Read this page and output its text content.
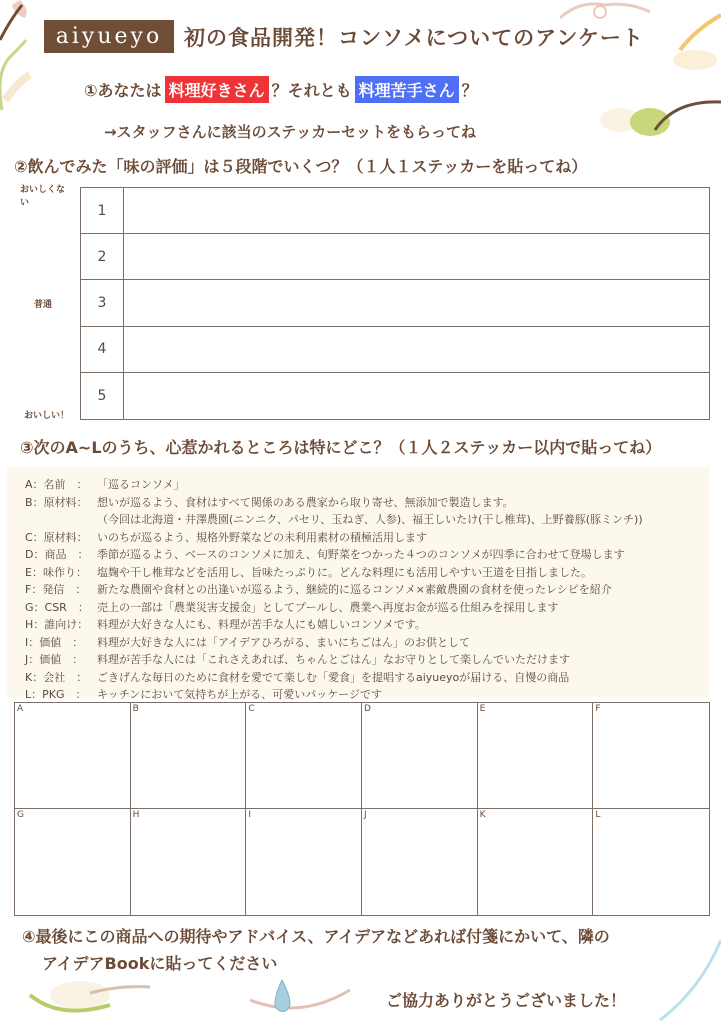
aiyueyo	初の食品開発！コンソメについてのアンケート
①あなたは 料理好きさん ？それとも 料理苦手さん ？
→スタッフさんに該当のステッカーセットをもらってね
②飲んでみた「味の評価」は５段階でいくつ？（１人１ステッカーを貼ってね）
おいしくない
普通
おいしい！
1
2
3
4
5
③次のA~Lのうち、心惹かれるところは特にどこ？（１人２ステッカー以内で貼ってね）
A：名前　： 「巡るコンソメ」
B：原材料： 想いが巡るよう、食材はすべて関係のある農家から取り寄せ、無添加で製造します。
（今回は北海道・井澤農園(ニンニク、パセリ、玉ねぎ、人参)、福王しいたけ(干し椎茸)、上野養豚(豚ミンチ))
C：原材料： いのちが巡るよう、規格外野菜などの未利用素材の積極活用します
D：商品　： 季節が巡るよう、ベースのコンソメに加え、旬野菜をつかった４つのコンソメが四季に合わせて登場します
E：味作り： 塩麹や干し椎茸などを活用し、旨味たっぷりに。どんな料理にも活用しやすい王道を目指しました。
F：発信　： 新たな農園や食材との出逢いが巡るよう、継続的に巡るコンソメ×素敵農園の食材を使ったレシピを紹介
G：CSR　： 売上の一部は「農業災害支援金」としてプールし、農業へ再度お金が巡る仕組みを採用します
H：誰向け： 料理が大好きな人にも、料理が苦手な人にも嬉しいコンソメです。
I：価値　：	料理が大好きな人には「アイデアひろがる、まいにちごはん」のお供として
J：価値　：	料理が苦手な人には「これさえあれば、ちゃんとごはん」なお守りとして楽しんでいただけます
K：会社　： ごきげんな毎日のために食材を愛でて楽しむ「愛食」を提唱するaiyueyoが届ける、自慢の商品
L：PKG　： キッチンにおいて気持ちが上がる、可愛いパッケージです
A	B	C	D	E	F
G	H	I	J	K	L
④最後にこの商品への期待やアドバイス、アイデアなどあれば付箋にかいて、隣の
アイデアBookに貼ってください
ご協力ありがとうございました！
